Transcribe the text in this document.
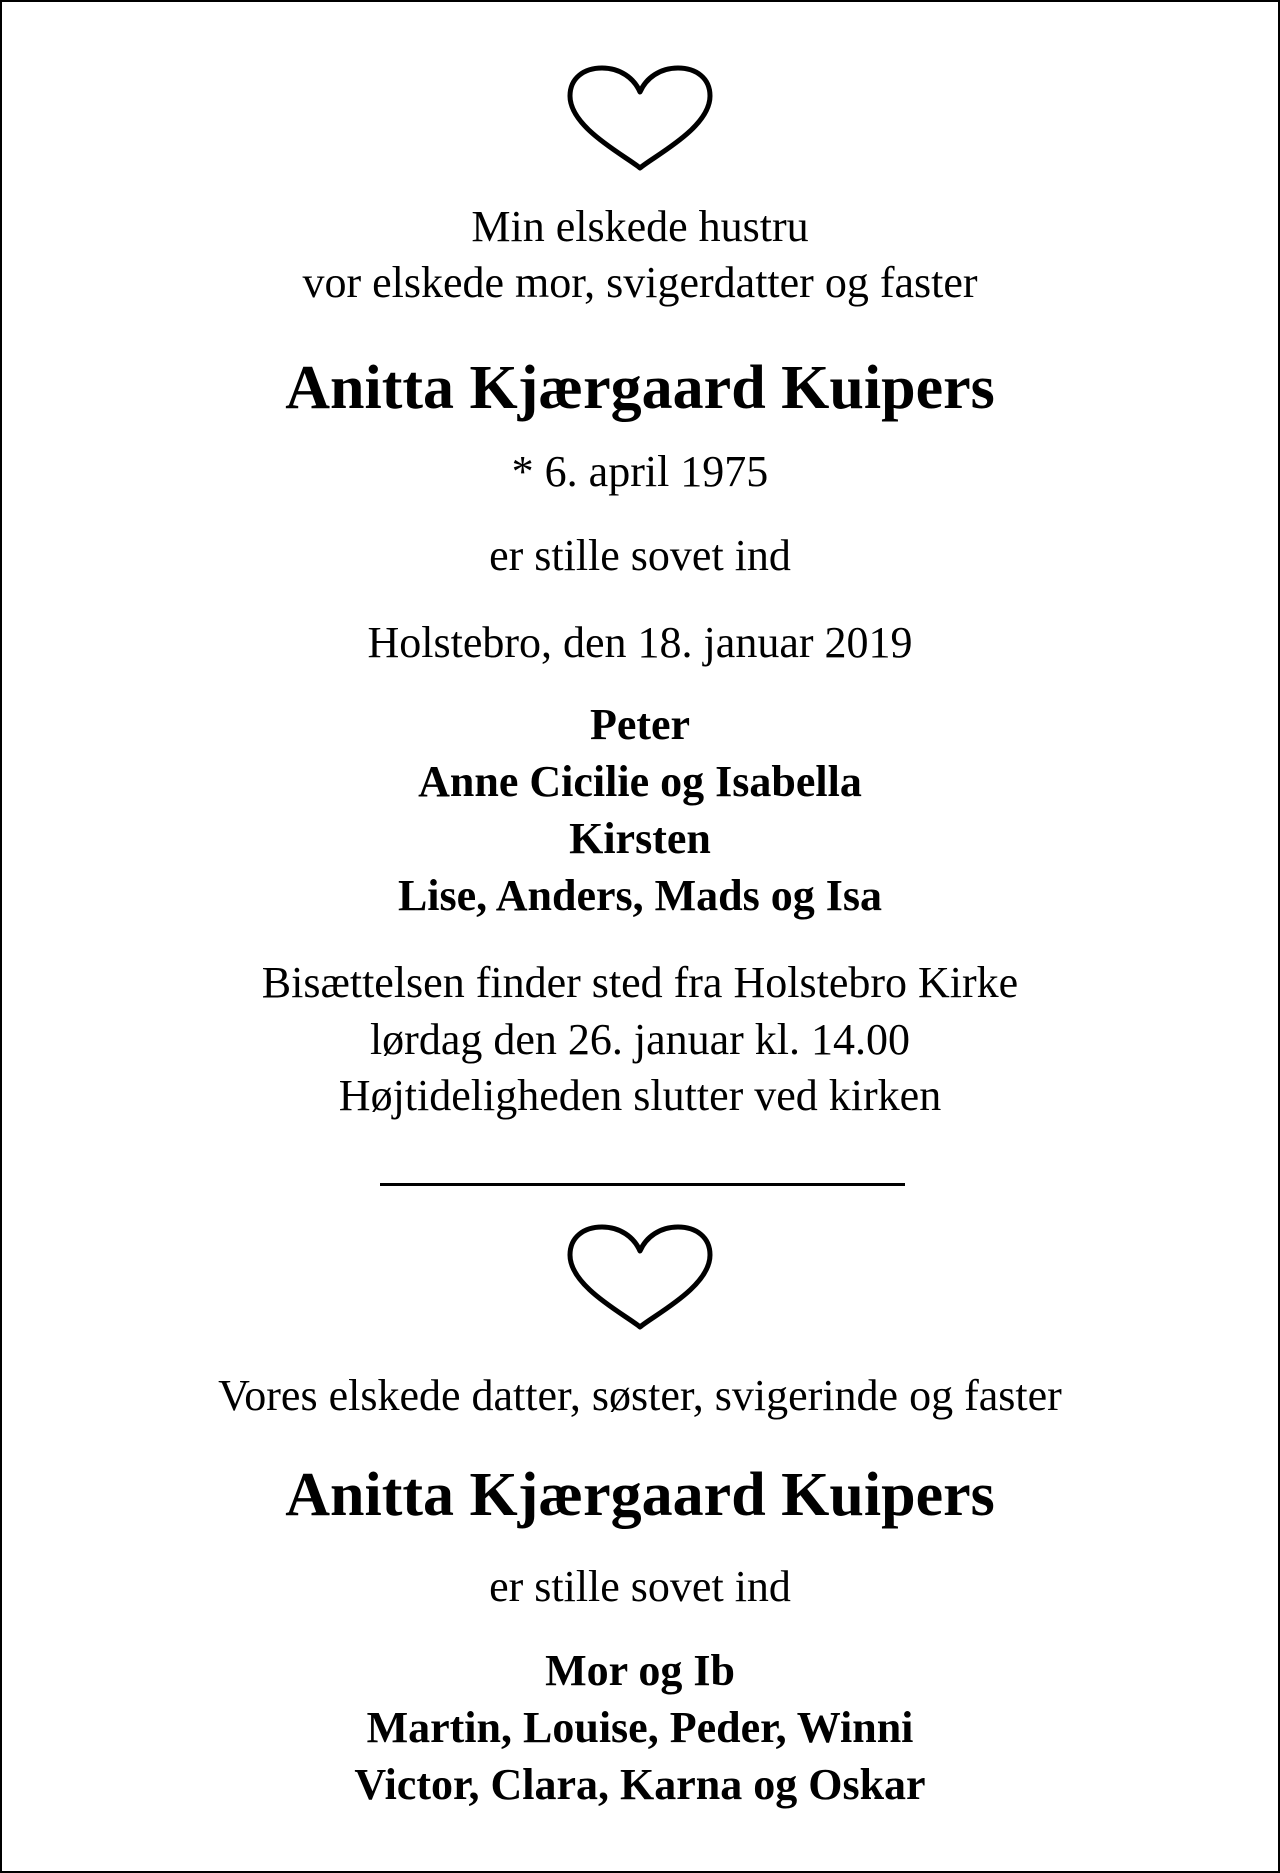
Min elskede hustru
vor elskede mor, svigerdatter og faster
Anitta Kjærgaard Kuipers
* 6. april 1975
er stille sovet ind
Holstebro, den 18. januar 2019
Peter
Anne Cicilie og Isabella
Kirsten
Lise, Anders, Mads og Isa
Bisættelsen finder sted fra Holstebro Kirke
lørdag den 26. januar kl. 14.00
Højtideligheden slutter ved kirken
Vores elskede datter, søster, svigerinde og faster
Anitta Kjærgaard Kuipers
er stille sovet ind
Mor og Ib
Martin, Louise, Peder, Winni
Victor, Clara, Karna og Oskar
